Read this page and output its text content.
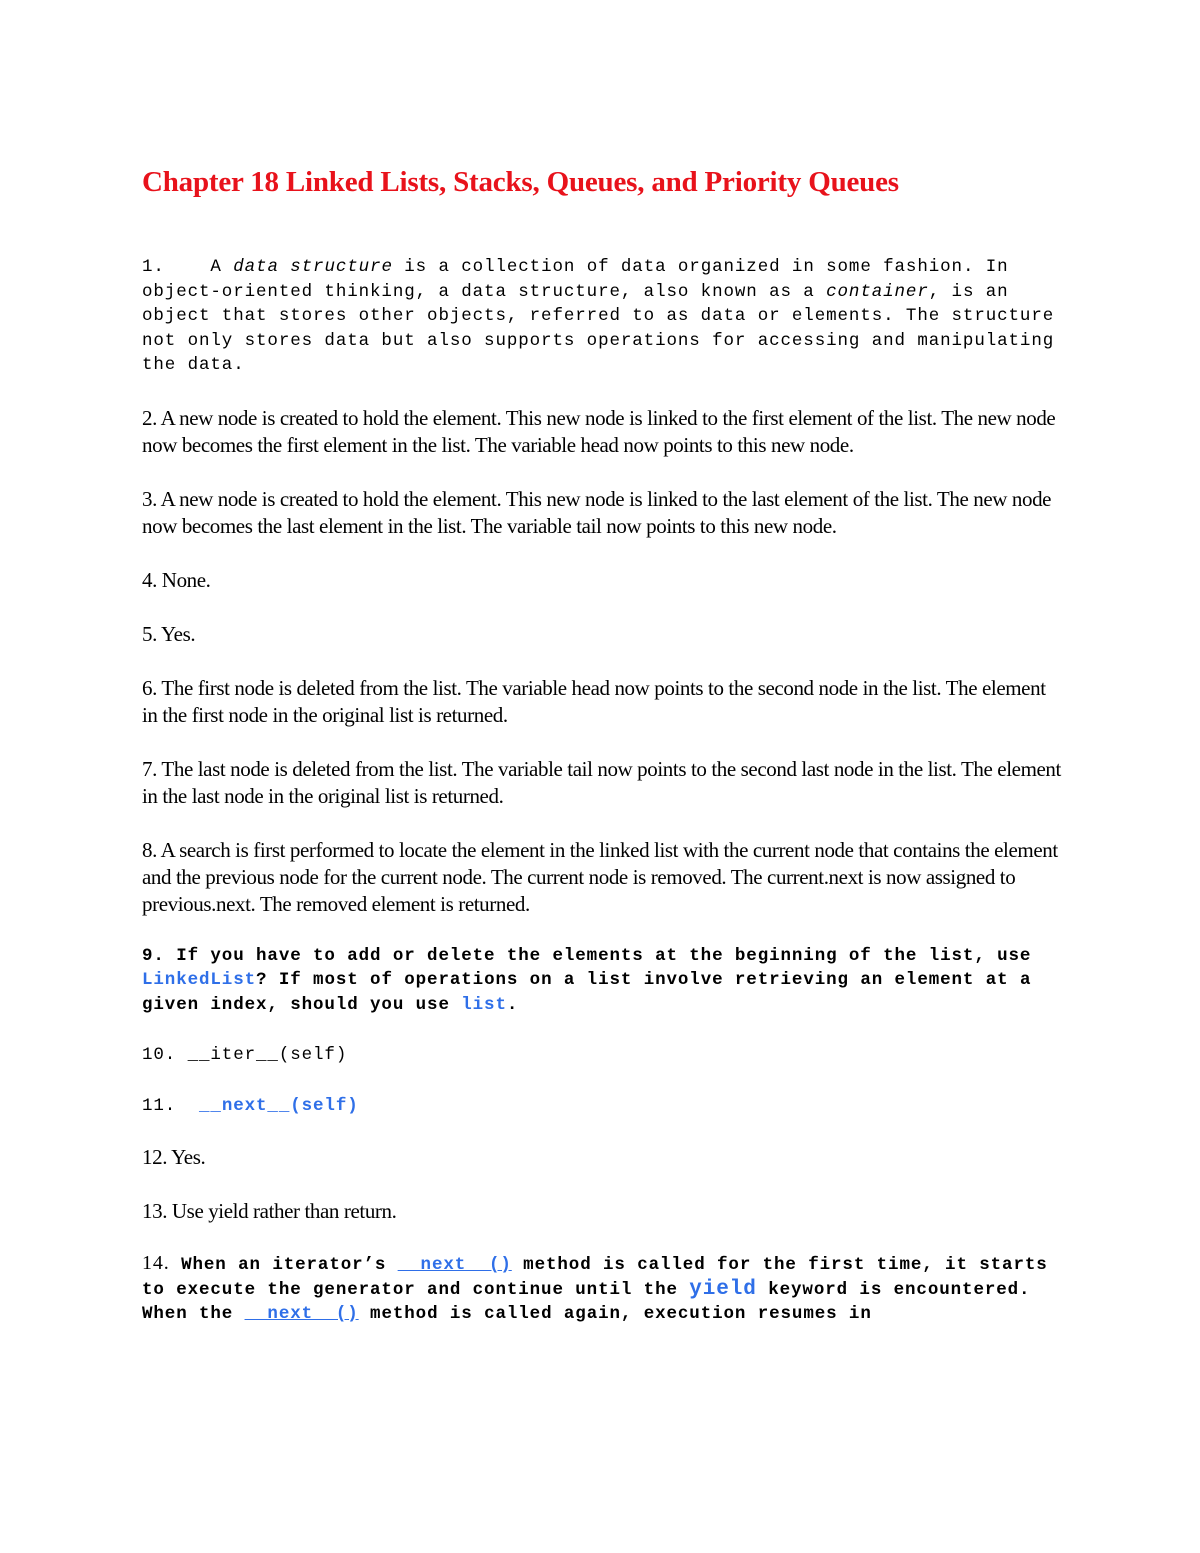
Chapter 18 Linked Lists, Stacks, Queues, and Priority Queues

1.    A data structure is a collection of data organized in some fashion. In object-oriented thinking, a data structure, also known as a container, is an object that stores other objects, referred to as data or elements. The structure not only stores data but also supports operations for accessing and manipulating the data.

2. A new node is created to hold the element. This new node is linked to the first element of the list. The new node now becomes the first element in the list. The variable head now points to this new node.

3. A new node is created to hold the element. This new node is linked to the last element of the list. The new node now becomes the last element in the list. The variable tail now points to this new node.

4. None.

5. Yes.

6. The first node is deleted from the list. The variable head now points to the second node in the list. The element in the first node in the original list is returned.

7. The last node is deleted from the list. The variable tail now points to the second last node in the list. The element in the last node in the original list is returned.

8. A search is first performed to locate the element in the linked list with the current node that contains the element and the previous node for the current node. The current node is removed. The current.next is now assigned to previous.next. The removed element is returned.

9. If you have to add or delete the elements at the beginning of the list, use LinkedList? If most of operations on a list involve retrieving an element at a given index, should you use list.

10. __iter__(self)

11.  __next__(self)

12. Yes.

13. Use yield rather than return.

14. When an iterator’s __next__() method is called for the first time, it starts to execute the generator and continue until the yield keyword is encountered. When the __next__() method is called again, execution resumes in
